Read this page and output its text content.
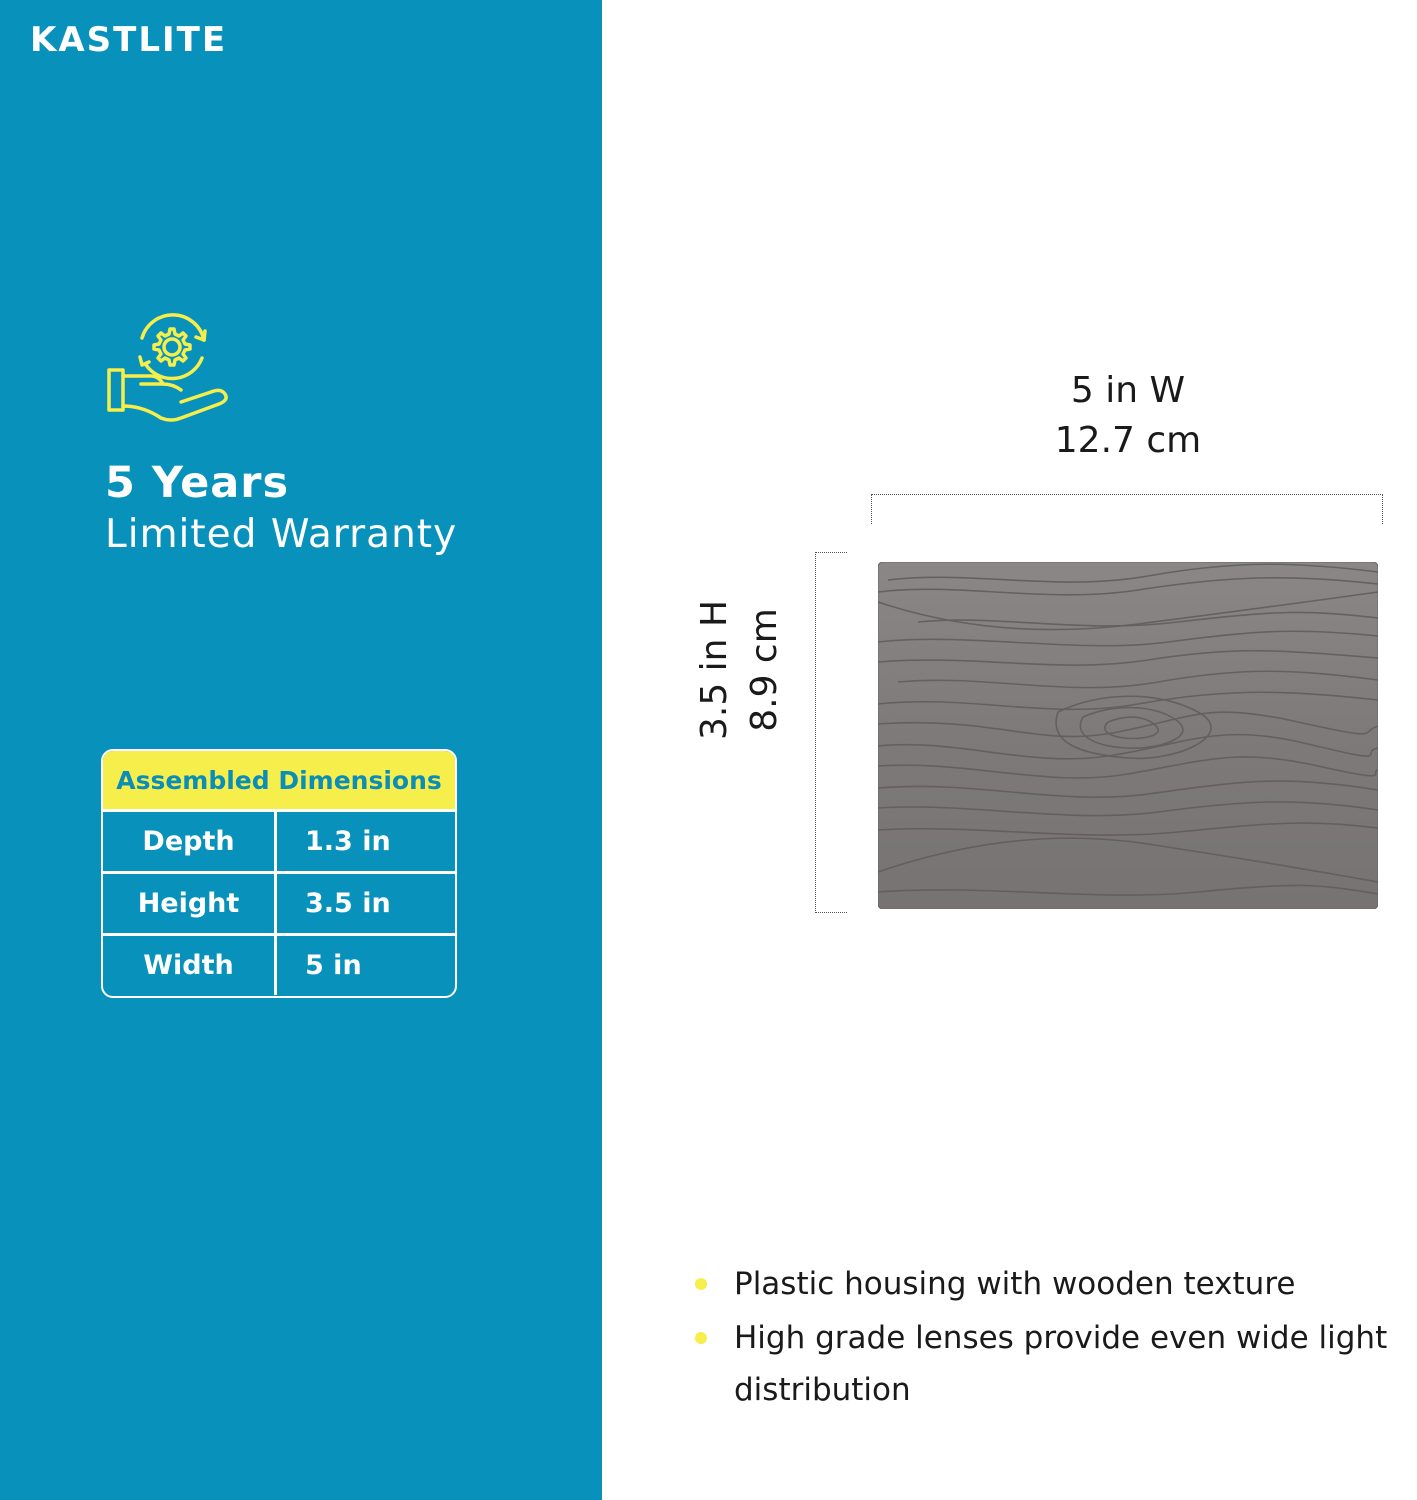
KASTLITE
5 Years
Limited Warranty
Assembled Dimensions
Depth	1.3 in
Height	3.5 in
Width	5 in
5 in W
12.7 cm
3.5 in H 8.9 cm
Plastic housing with wooden texture
High grade lenses provide even wide light distribution
